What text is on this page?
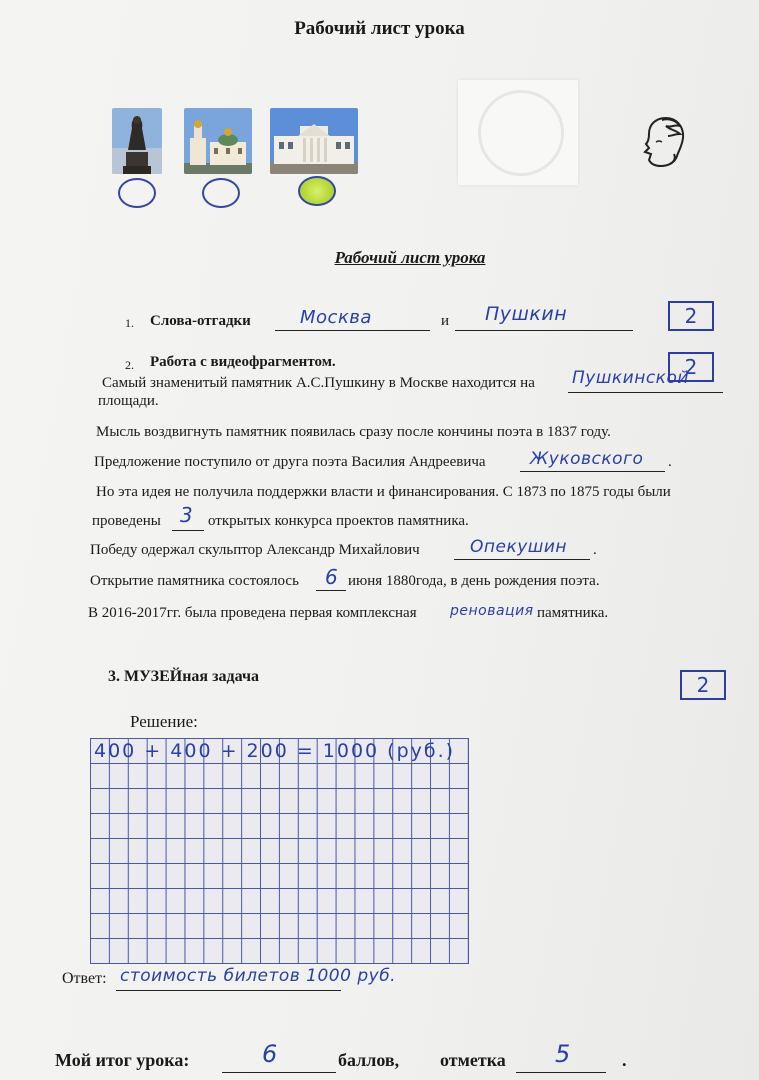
Рабочий лист урока
Рабочий лист урока
1. Слова-отгадки	Москва	и Пушкин	2
2. Работа с видеофрагментом.	2
Самый знаменитый памятник А.С.Пушкину в Москве находится на Пушкинской
площади.
Мысль воздвигнуть памятник появилась сразу после кончины поэта в 1837 году.
Предложение поступило от друга поэта Василия Андреевича	Жуковского .
Но эта идея не получила поддержки власти и финансирования. С 1873 по 1875 годы были
проведены 3 открытых конкурса проектов памятника.
Победу одержал скульптор Александр Михайлович	Опекушин .
Открытие памятника состоялось 6 июня 1880года, в день рождения поэта.
В 2016-2017гг. была проведена первая комплексная реновация памятника.
3. МУЗЕЙная задача	2
Решение:
400 + 400 + 200 = 1000 (руб.)
Ответ: стоимость билетов 1000 руб.
Мой итог урока:	6	баллов, отметка 5	.
